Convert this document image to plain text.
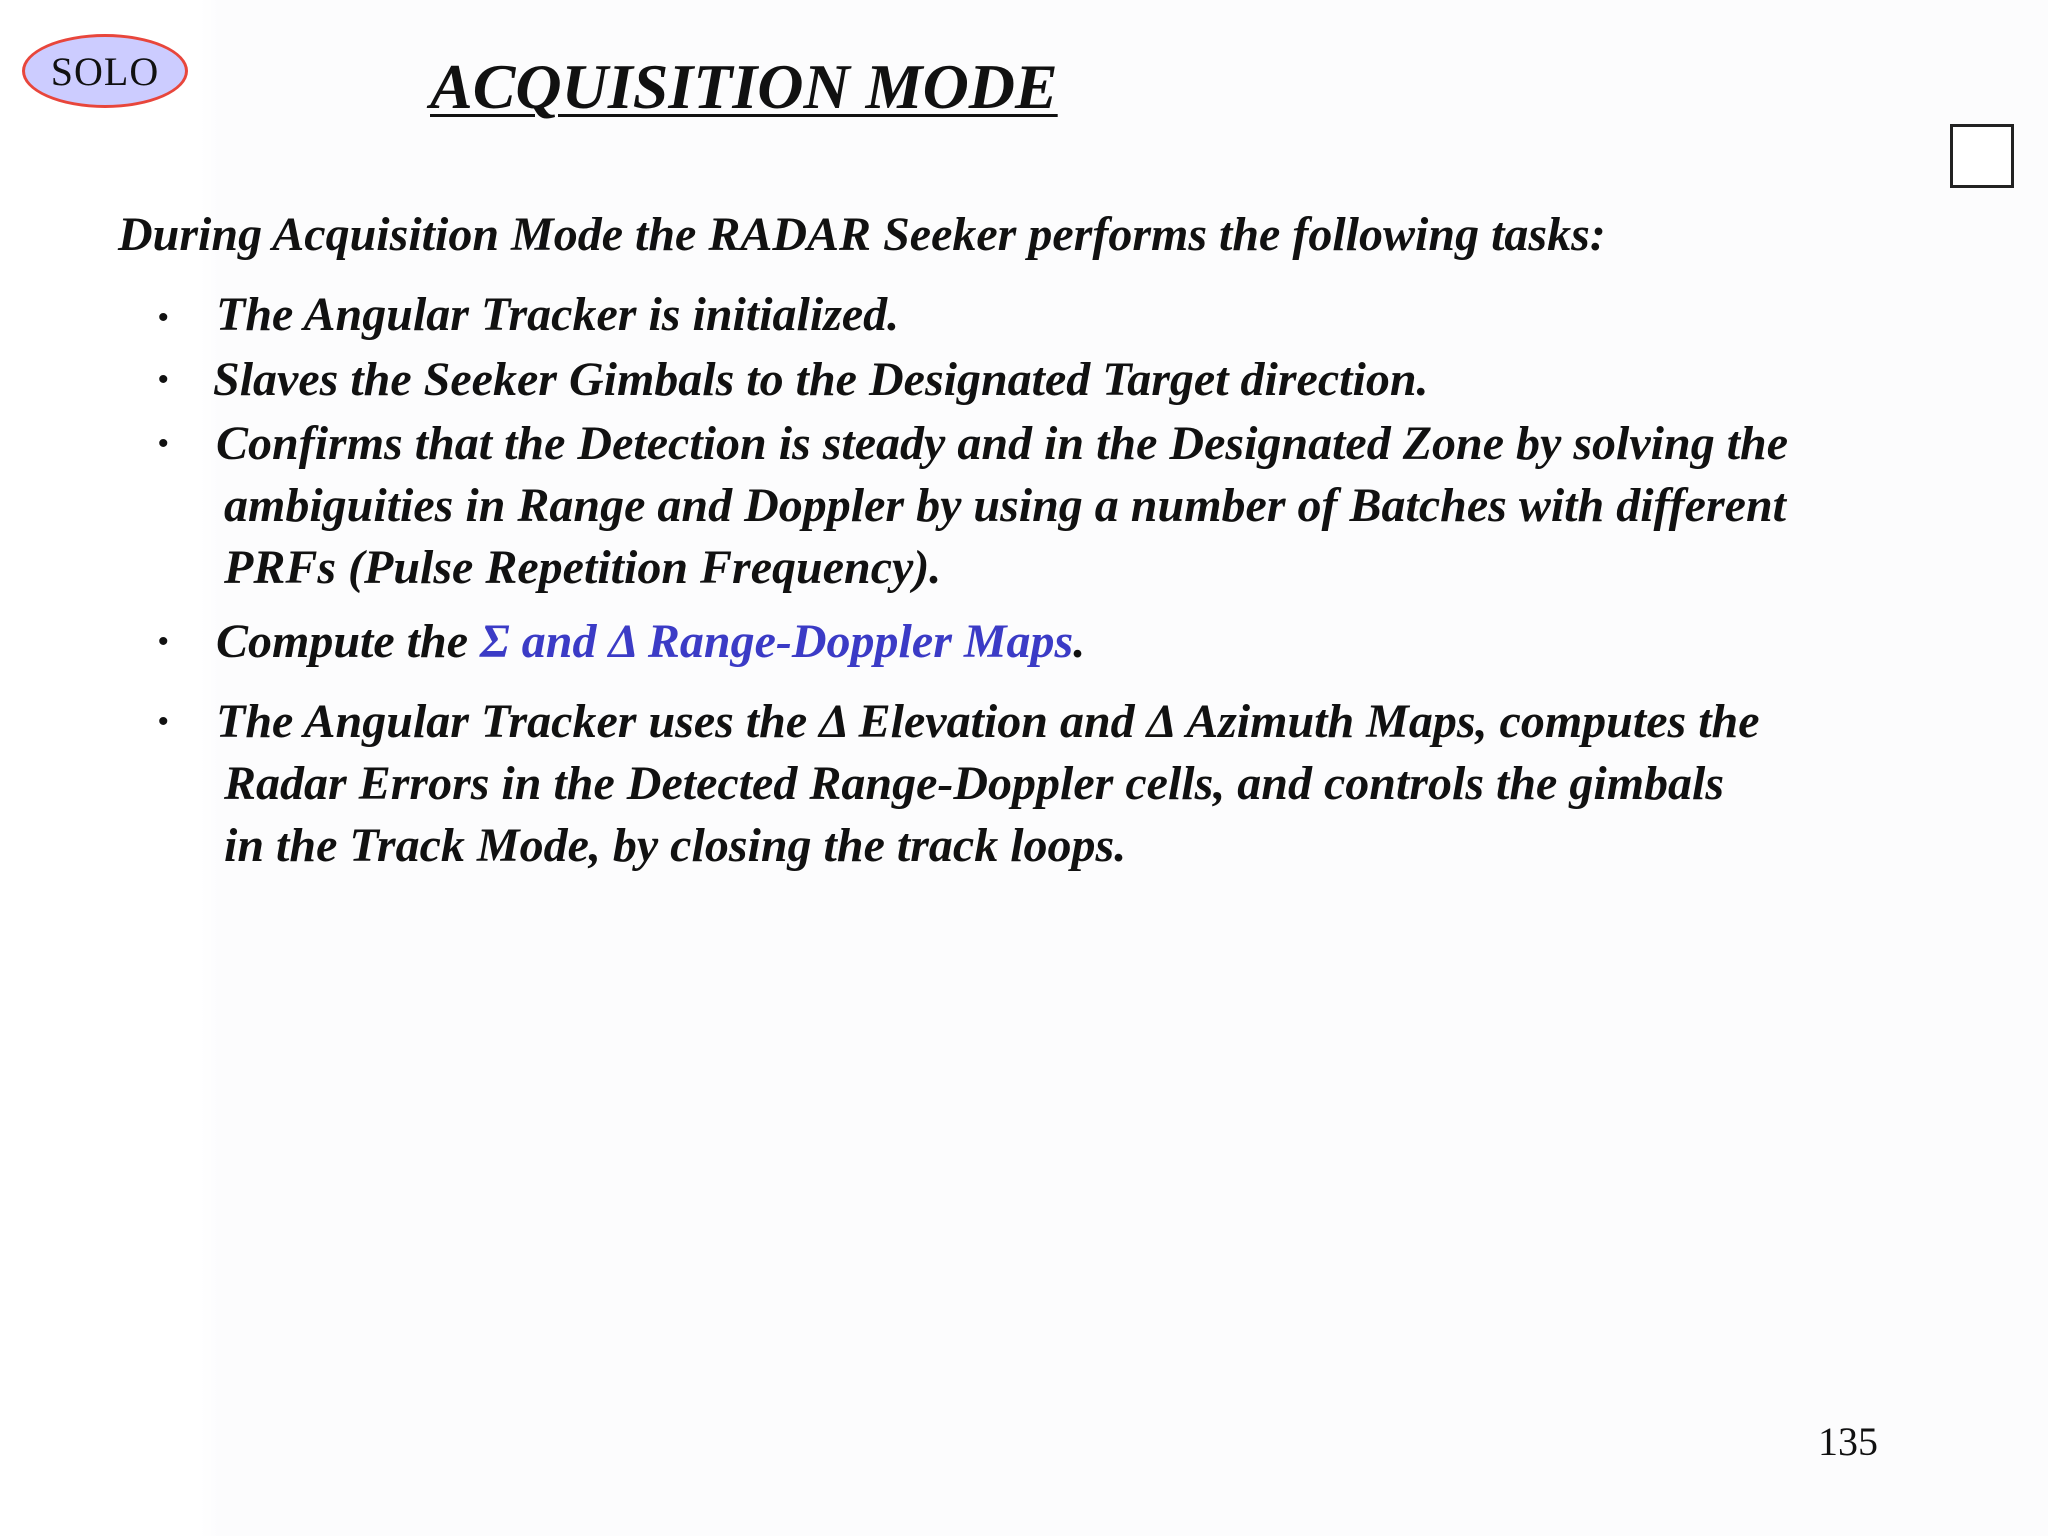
SOLO	ACQUISITION MODE
During Acquisition Mode the RADAR Seeker performs the following tasks:
• The Angular Tracker is initialized.
• Slaves the Seeker Gimbals to the Designated Target direction.
• Confirms that the Detection is steady and in the Designated Zone by solving the
ambiguities in Range and Doppler by using a number of Batches with different
PRFs (Pulse Repetition Frequency).
• Compute the Σ and Δ Range-Doppler Maps.
• The Angular Tracker uses the Δ Elevation and Δ Azimuth Maps, computes the
Radar Errors in the Detected Range-Doppler cells, and controls the gimbals
in the Track Mode, by closing the track loops.
135
